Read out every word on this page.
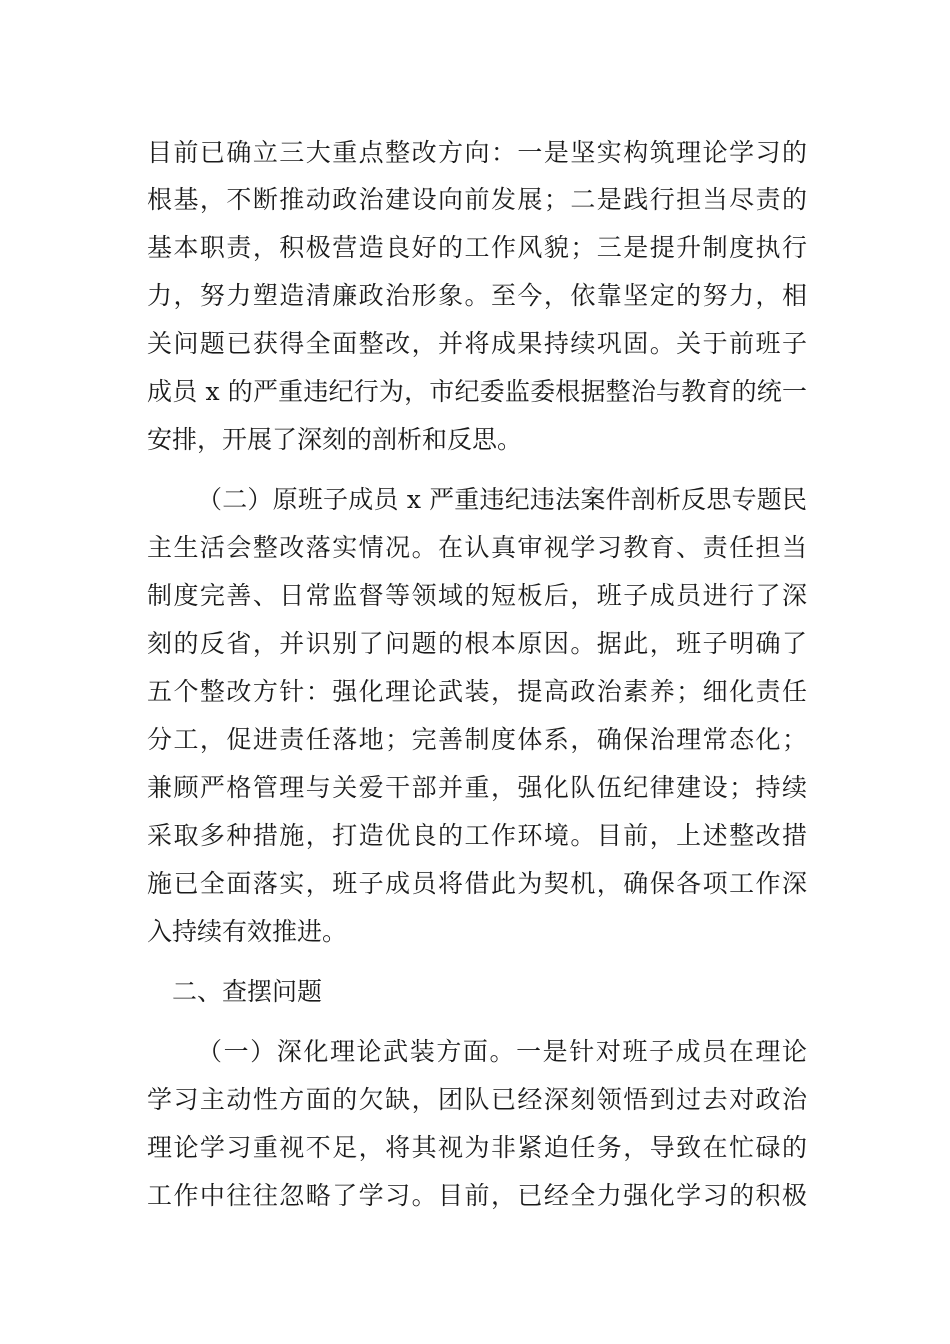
目前已确立三大重点整改方向：一是坚实构筑理论学习的
根基，不断推动政治建设向前发展；二是践行担当尽责的
基本职责，积极营造良好的工作风貌；三是提升制度执行
力，努力塑造清廉政治形象。至今，依靠坚定的努力，相
关问题已获得全面整改，并将成果持续巩固。关于前班子
成员 x 的严重违纪行为，市纪委监委根据整治与教育的统一
安排，开展了深刻的剖析和反思。
（二）原班子成员 x 严重违纪违法案件剖析反思专题民
主生活会整改落实情况。在认真审视学习教育、责任担当
制度完善、日常监督等领域的短板后，班子成员进行了深
刻的反省，并识别了问题的根本原因。据此，班子明确了
五个整改方针：强化理论武装，提高政治素养；细化责任
分工，促进责任落地；完善制度体系，确保治理常态化；
兼顾严格管理与关爱干部并重，强化队伍纪律建设；持续
采取多种措施，打造优良的工作环境。目前，上述整改措
施已全面落实，班子成员将借此为契机，确保各项工作深
入持续有效推进。
二、查摆问题
（一）深化理论武装方面。一是针对班子成员在理论
学习主动性方面的欠缺，团队已经深刻领悟到过去对政治
理论学习重视不足，将其视为非紧迫任务，导致在忙碌的
工作中往往忽略了学习。目前，已经全力强化学习的积极
